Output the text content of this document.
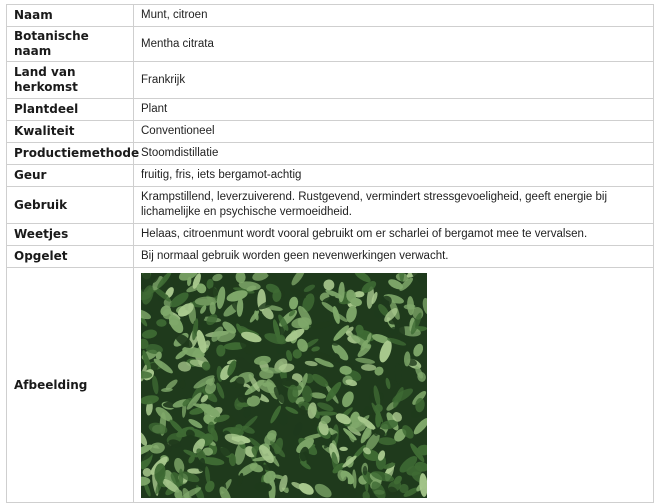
Naam	Munt, citroen
Botanische naam	Mentha citrata
Land van herkomst	Frankrijk
Plantdeel	Plant
Kwaliteit	Conventioneel
Productiemethode	Stoomdistillatie
Geur	fruitig, fris, iets bergamot-achtig
Gebruik	Krampstillend, leverzuiverend. Rustgevend, vermindert stressgevoeligheid, geeft energie bij lichamelijke en psychische vermoeidheid.
Weetjes	Helaas, citroenmunt wordt vooral gebruikt om er scharlei of bergamot mee te vervalsen.
Opgelet	Bij normaal gebruik worden geen nevenwerkingen verwacht.
Afbeelding	
